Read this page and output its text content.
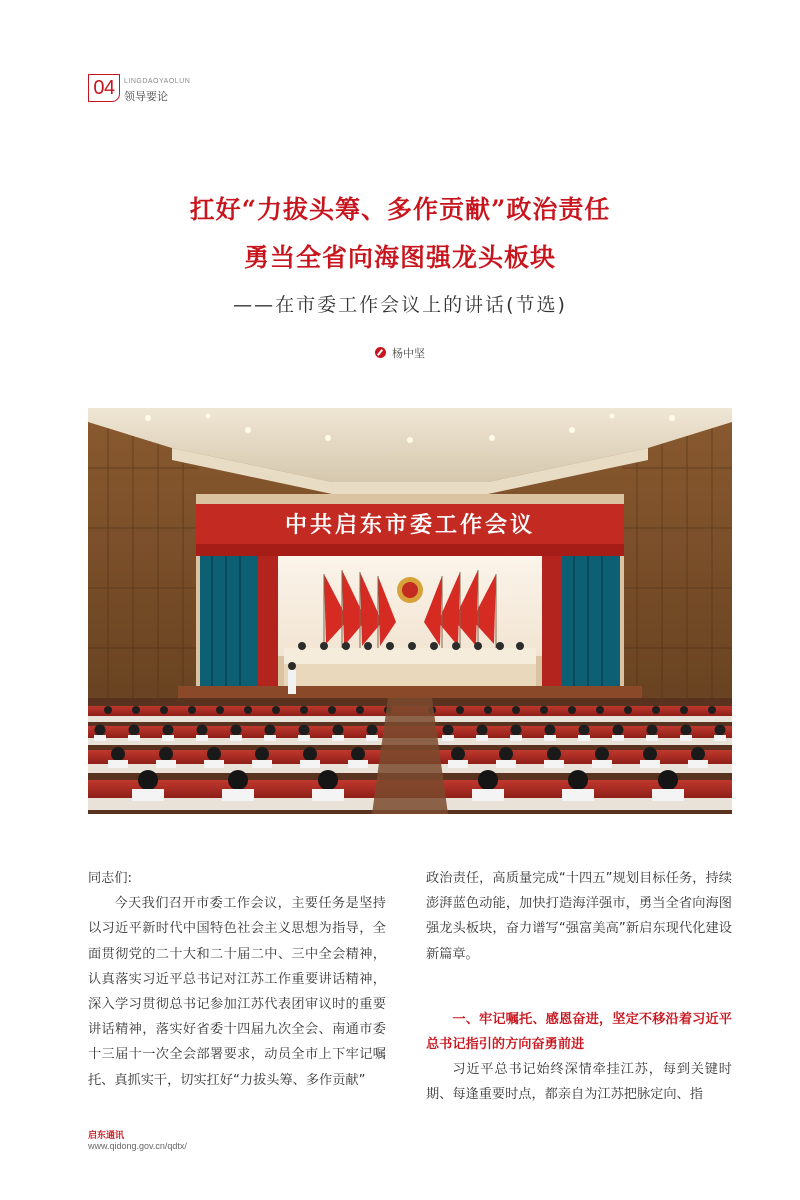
04	LINGDAOYAOLUN
领导要论
扛好“力拔头筹、多作贡献”政治责任
勇当全省向海图强龙头板块
——在市委工作会议上的讲话(节选)
杨中坚
中共启东市委工作会议

同志们:

今天我们召开市委工作会议，主要任务是坚持以习近平新时代中国特色社会主义思想为指导，全面贯彻党的二十大和二十届二中、三中全会精神，认真落实习近平总书记对江苏工作重要讲话精神，深入学习贯彻总书记参加江苏代表团审议时的重要讲话精神，落实好省委十四届九次全会、南通市委十三届十一次全会部署要求，动员全市上下牢记嘱托、真抓实干，切实扛好“力拔头筹、多作贡献”

政治责任，高质量完成“十四五”规划目标任务，持续澎湃蓝色动能，加快打造海洋强市，勇当全省向海图强龙头板块，奋力谱写“强富美高”新启东现代化建设新篇章。

一、牢记嘱托、感恩奋进，坚定不移沿着习近平总书记指引的方向奋勇前进

习近平总书记始终深情牵挂江苏，每到关键时期、每逢重要时点，都亲自为江苏把脉定向、指

启东通讯
www.qidong.gov.cn/qdtx/
